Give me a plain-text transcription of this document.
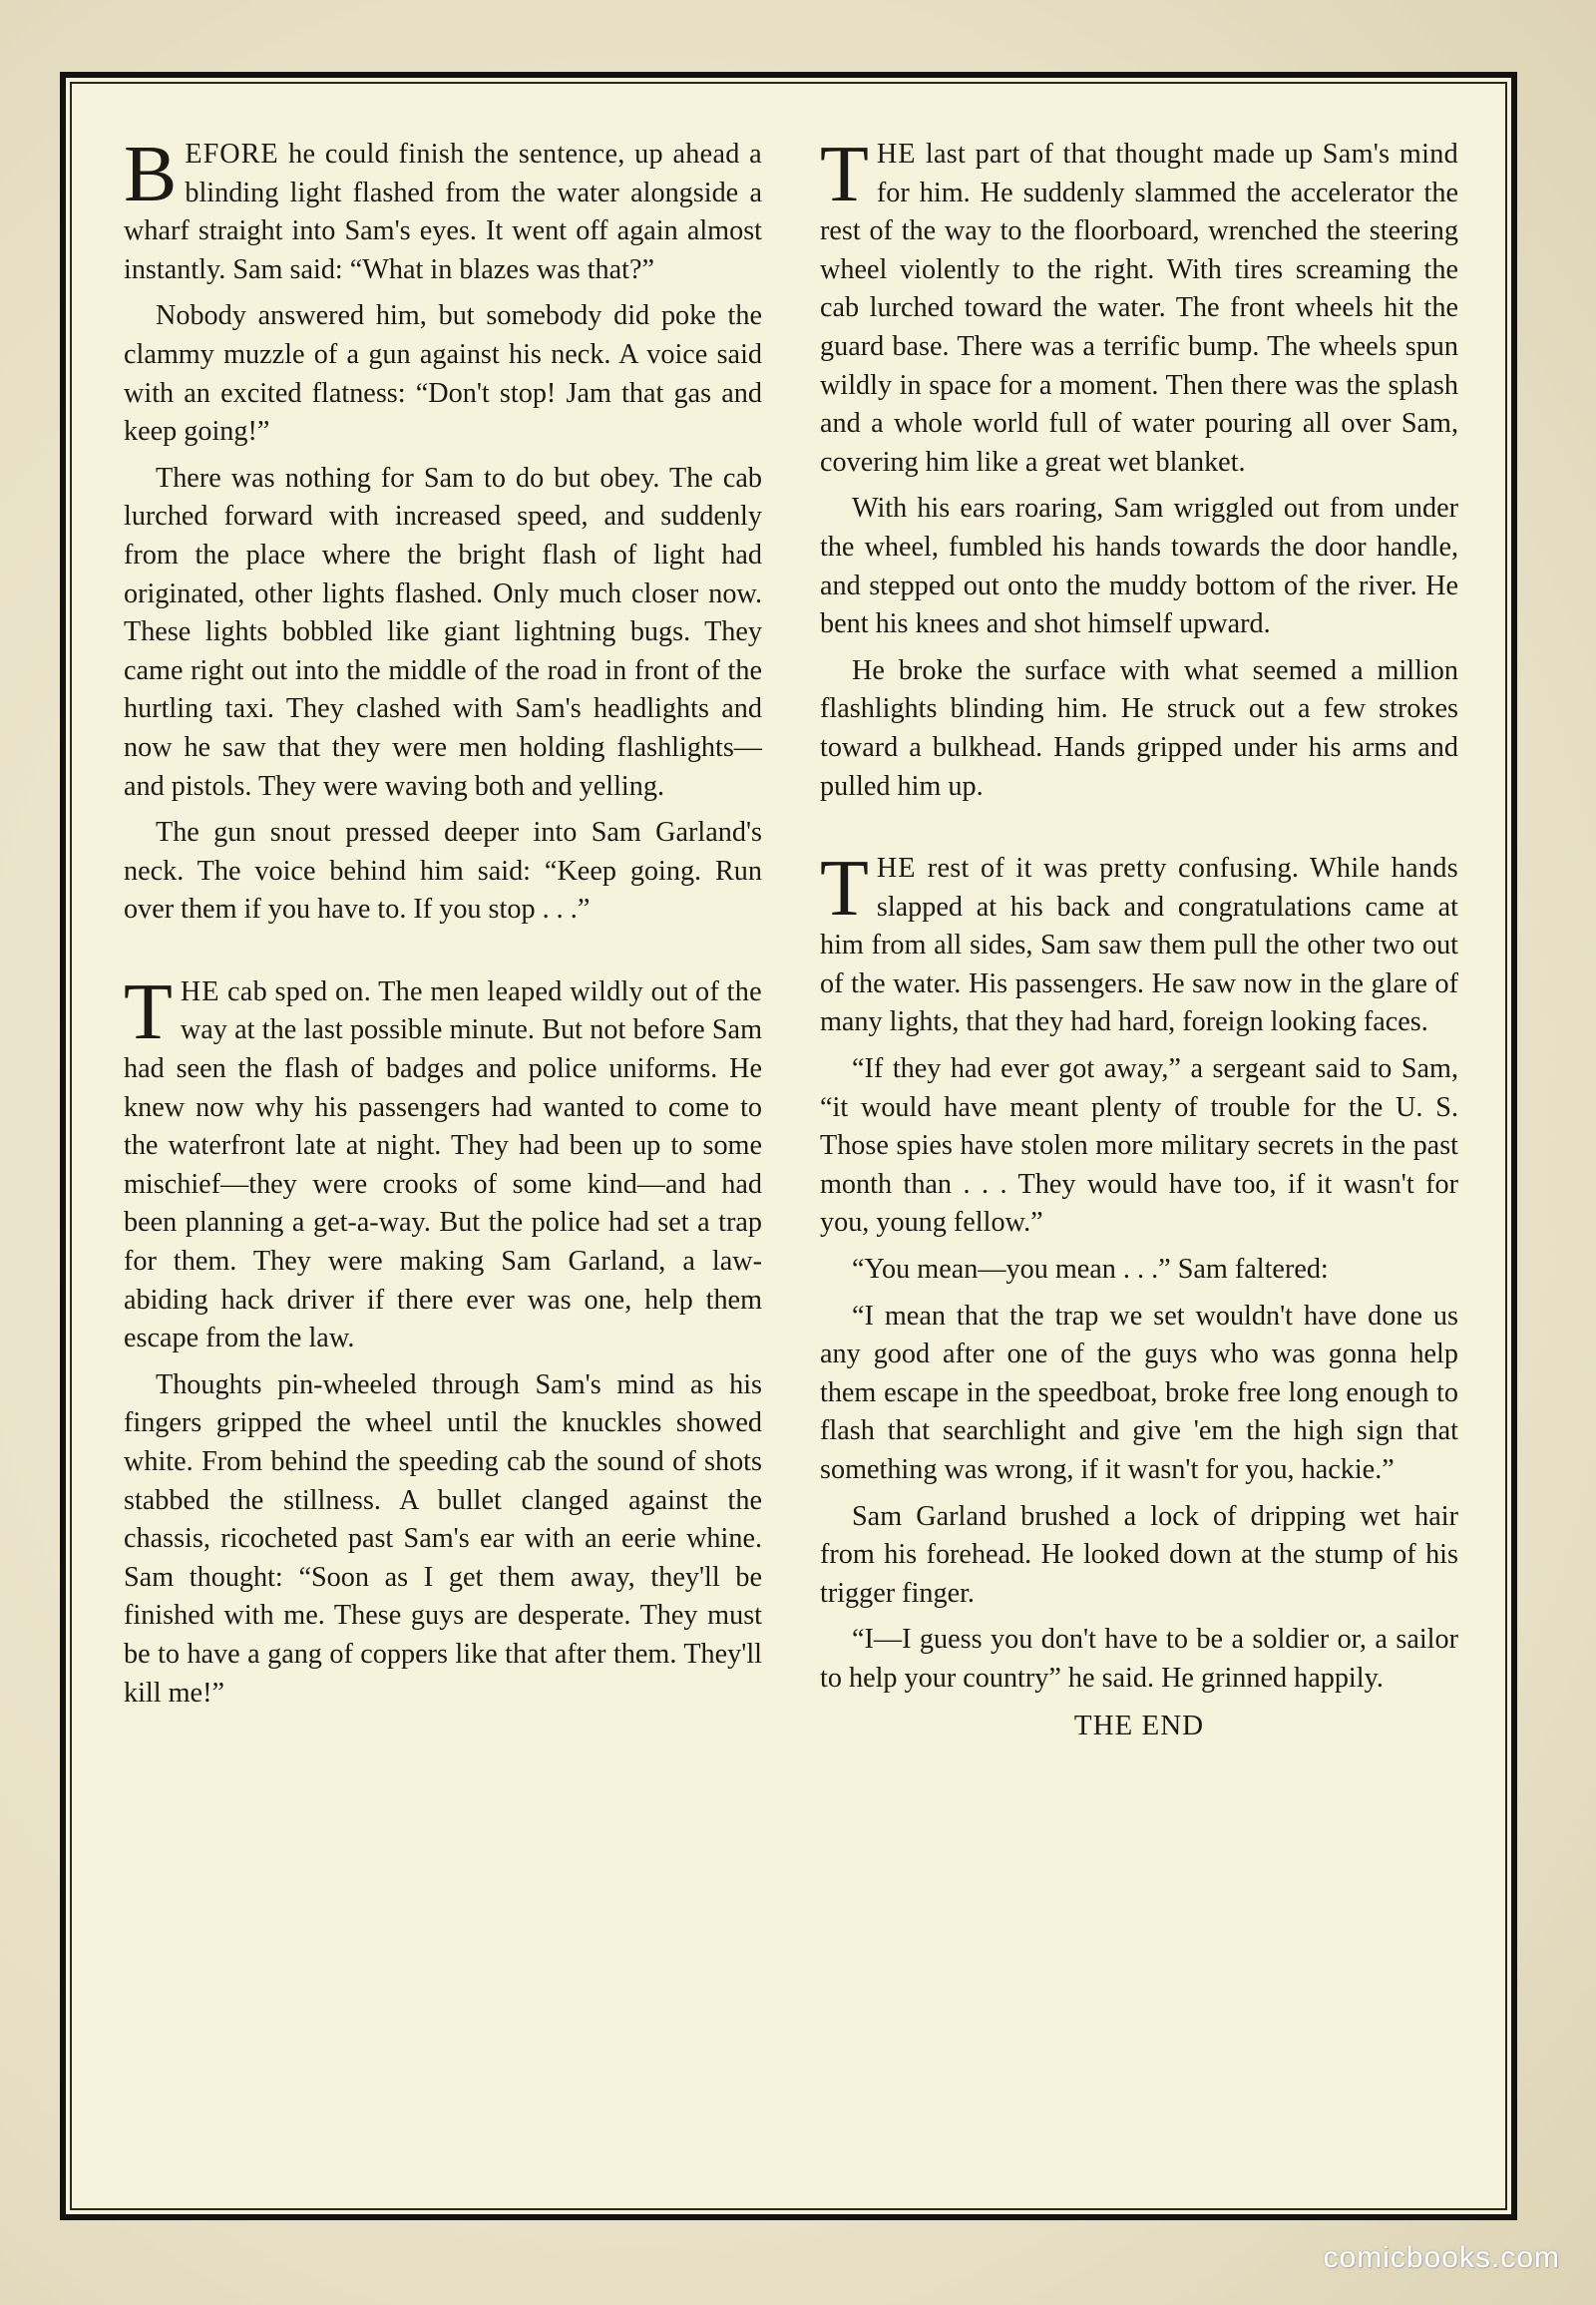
BEFORE he could finish the sentence, up ahead a blinding light flashed from the water alongside a wharf straight into Sam's eyes. It went off again almost instantly. Sam said: “What in blazes was that?”

Nobody answered him, but somebody did poke the clammy muzzle of a gun against his neck. A voice said with an excited flatness: “Don't stop! Jam that gas and keep going!”

There was nothing for Sam to do but obey. The cab lurched forward with increased speed, and suddenly from the place where the bright flash of light had originated, other lights flashed. Only much closer now. These lights bobbled like giant lightning bugs. They came right out into the middle of the road in front of the hurtling taxi. They clashed with Sam's headlights and now he saw that they were men holding flashlights—and pistols. They were waving both and yelling.

The gun snout pressed deeper into Sam Garland's neck. The voice behind him said: “Keep going. Run over them if you have to. If you stop . . .”

THE cab sped on. The men leaped wildly out of the way at the last possible minute. But not before Sam had seen the flash of badges and police uniforms. He knew now why his passengers had wanted to come to the waterfront late at night. They had been up to some mischief—they were crooks of some kind—and had been planning a get-a-way. But the police had set a trap for them. They were making Sam Garland, a law-abiding hack driver if there ever was one, help them escape from the law.

Thoughts pin-wheeled through Sam's mind as his fingers gripped the wheel until the knuckles showed white. From behind the speeding cab the sound of shots stabbed the stillness. A bullet clanged against the chassis, ricocheted past Sam's ear with an eerie whine. Sam thought: “Soon as I get them away, they'll be finished with me. These guys are desperate. They must be to have a gang of coppers like that after them. They'll kill me!”

THE last part of that thought made up Sam's mind for him. He suddenly slammed the accelerator the rest of the way to the floorboard, wrenched the steering wheel violently to the right. With tires screaming the cab lurched toward the water. The front wheels hit the guard base. There was a terrific bump. The wheels spun wildly in space for a moment. Then there was the splash and a whole world full of water pouring all over Sam, covering him like a great wet blanket.

With his ears roaring, Sam wriggled out from under the wheel, fumbled his hands towards the door handle, and stepped out onto the muddy bottom of the river. He bent his knees and shot himself upward.

He broke the surface with what seemed a million flashlights blinding him. He struck out a few strokes toward a bulkhead. Hands gripped under his arms and pulled him up.

THE rest of it was pretty confusing. While hands slapped at his back and congratulations came at him from all sides, Sam saw them pull the other two out of the water. His passengers. He saw now in the glare of many lights, that they had hard, foreign looking faces.

“If they had ever got away,” a sergeant said to Sam, “it would have meant plenty of trouble for the U. S. Those spies have stolen more military secrets in the past month than . . . They would have too, if it wasn't for you, young fellow.”

“You mean—you mean . . .” Sam faltered:

“I mean that the trap we set wouldn't have done us any good after one of the guys who was gonna help them escape in the speedboat, broke free long enough to flash that searchlight and give 'em the high sign that something was wrong, if it wasn't for you, hackie.”

Sam Garland brushed a lock of dripping wet hair from his forehead. He looked down at the stump of his trigger finger.

“I—I guess you don't have to be a soldier or, a sailor to help your country” he said. He grinned happily.

THE END
comicbooks.com
